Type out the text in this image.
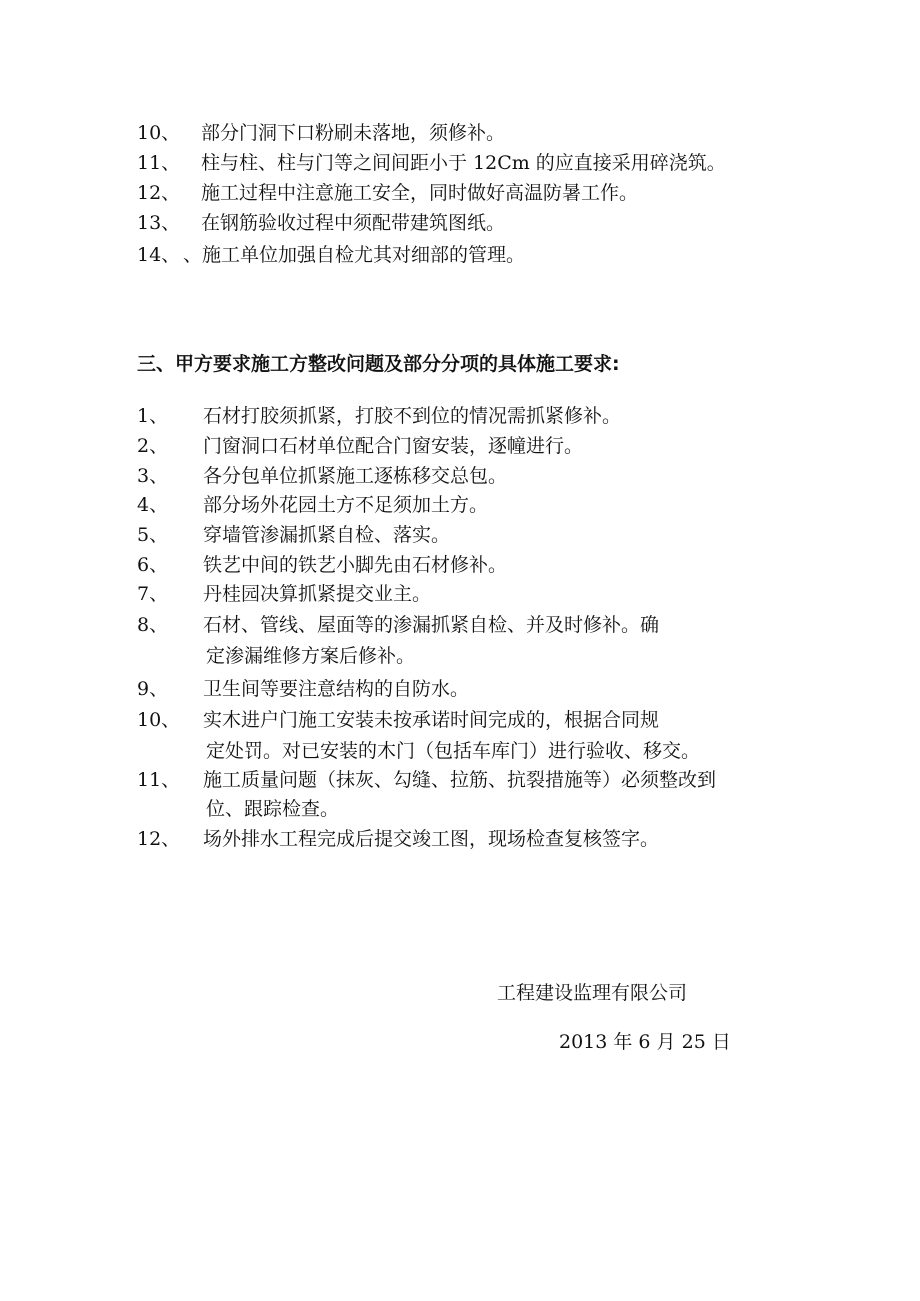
10、 部分门洞下口粉刷未落地，须修补。
11、 柱与柱、柱与门等之间间距小于 12Cm 的应直接采用碎浇筑。
12、 施工过程中注意施工安全，同时做好高温防暑工作。
13、 在钢筋验收过程中须配带建筑图纸。
14、 、施工单位加强自检尤其对细部的管理。
三、甲方要求施工方整改问题及部分分项的具体施工要求:
1、 石材打胶须抓紧，打胶不到位的情况需抓紧修补。
2、 门窗洞口石材单位配合门窗安装，逐幢进行。
3、 各分包单位抓紧施工逐栋移交总包。
4、 部分场外花园土方不足须加土方。
5、 穿墙管渗漏抓紧自检、落实。
6、 铁艺中间的铁艺小脚先由石材修补。
7、 丹桂园决算抓紧提交业主。
8、 石材、管线、屋面等的渗漏抓紧自检、并及时修补。确
定渗漏维修方案后修补。
9、 卫生间等要注意结构的自防水。
10、 实木进户门施工安装未按承诺时间完成的，根据合同规
定处罚。对已安装的木门（包括车库门）进行验收、移交。
11、 施工质量问题（抹灰、勾缝、拉筋、抗裂措施等）必须整改到
位、跟踪检查。
12、 场外排水工程完成后提交竣工图，现场检查复核签字。
工程建设监理有限公司
2013 年 6 月 25 日
